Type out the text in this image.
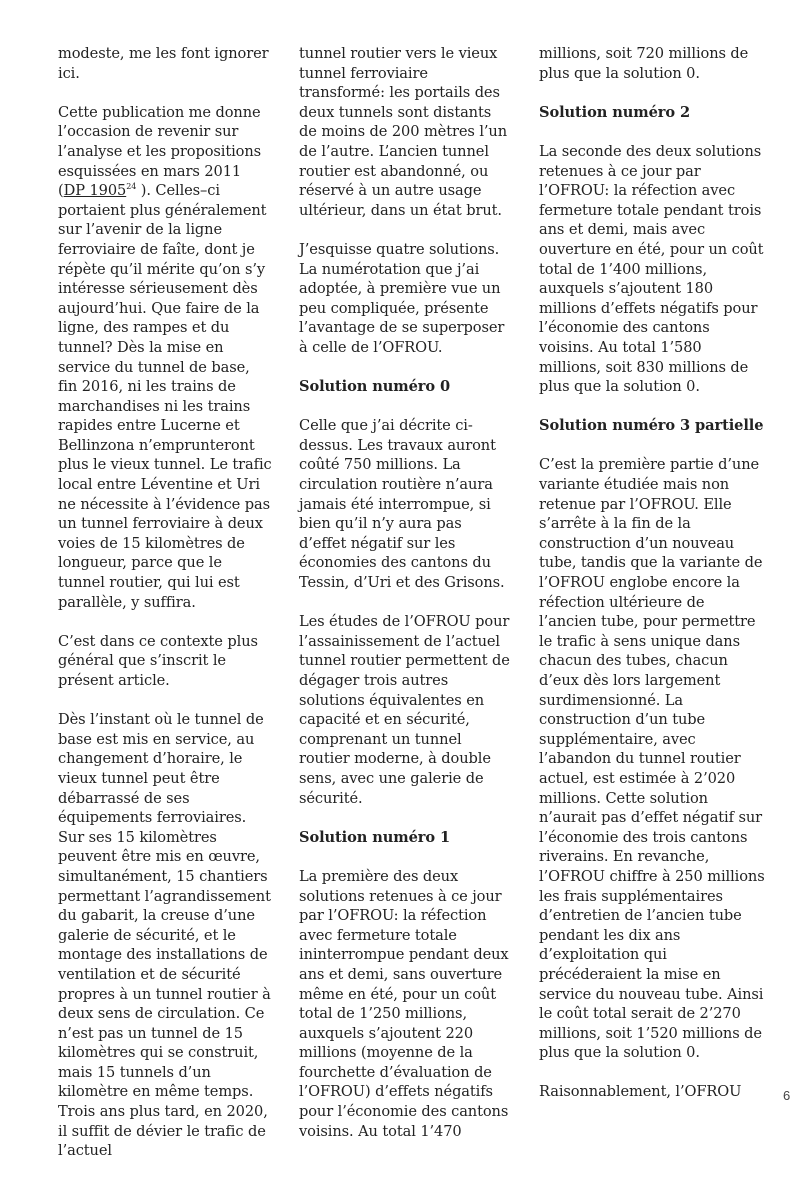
modeste, me les font ignorer ici.

Cette publication me donne l’occasion de revenir sur l’analyse et les propositions esquissées en mars 2011 (DP 1905$^{24}$ ). Celles–ci portaient plus généralement sur l’avenir de la ligne ferroviaire de faîte, dont je répète qu’il mérite qu’on s’y intéresse sérieusement dès aujourd’hui. Que faire de la ligne, des rampes et du tunnel? Dès la mise en service du tunnel de base, fin 2016, ni les trains de marchandises ni les trains rapides entre Lucerne et Bellinzona n’emprunteront plus le vieux tunnel. Le trafic local entre Léventine et Uri ne nécessite à l’évidence pas un tunnel ferroviaire à deux voies de 15 kilomètres de longueur, parce que le tunnel routier, qui lui est parallèle, y suffira.

C’est dans ce contexte plus général que s’inscrit le présent article.

Dès l’instant où le tunnel de base est mis en service, au changement d’horaire, le vieux tunnel peut être débarrassé de ses équipements ferroviaires. Sur ses 15 kilomètres peuvent être mis en œuvre, simultanément, 15 chantiers permettant l’agrandissement du gabarit, la creuse d’une galerie de sécurité, et le montage des installations de ventilation et de sécurité propres à un tunnel routier à deux sens de circulation. Ce n’est pas un tunnel de 15 kilomètres qui se construit, mais 15 tunnels d’un kilomètre en même temps. Trois ans plus tard, en 2020, il suffit de dévier le trafic de l’actuel

tunnel routier vers le vieux tunnel ferroviaire transformé: les portails des deux tunnels sont distants de moins de 200 mètres l’un de l’autre. L’ancien tunnel routier est abandonné, ou réservé à un autre usage ultérieur, dans un état brut.

J’esquisse quatre solutions. La numérotation que j’ai adoptée, à première vue un peu compliquée, présente l’avantage de se superposer à celle de l’OFROU.

Solution numéro 0

Celle que j’ai décrite ci-dessus. Les travaux auront coûté 750 millions. La circulation routière n’aura jamais été interrompue, si bien qu’il n’y aura pas d’effet négatif sur les économies des cantons du Tessin, d’Uri et des Grisons.

Les études de l’OFROU pour l’assainissement de l’actuel tunnel routier permettent de dégager trois autres solutions équivalentes en capacité et en sécurité, comprenant un tunnel routier moderne, à double sens, avec une galerie de sécurité.

Solution numéro 1

La première des deux solutions retenues à ce jour par l’OFROU: la réfection avec fermeture totale ininterrompue pendant deux ans et demi, sans ouverture même en été, pour un coût total de 1’250 millions, auxquels s’ajoutent 220 millions (moyenne de la fourchette d’évaluation de l’OFROU) d’effets négatifs pour l’économie des cantons voisins. Au total 1’470

millions, soit 720 millions de plus que la solution 0.

Solution numéro 2

La seconde des deux solutions retenues à ce jour par l’OFROU: la réfection avec fermeture totale pendant trois ans et demi, mais avec ouverture en été, pour un coût total de 1’400 millions, auxquels s’ajoutent 180 millions d’effets négatifs pour l’économie des cantons voisins. Au total 1’580 millions, soit 830 millions de plus que la solution 0.

Solution numéro 3 partielle

C’est la première partie d’une variante étudiée mais non retenue par l’OFROU. Elle s’arrête à la fin de la construction d’un nouveau tube, tandis que la variante de l’OFROU englobe encore la réfection ultérieure de l’ancien tube, pour permettre le trafic à sens unique dans chacun des tubes, chacun d’eux dès lors largement surdimensionné. La construction d’un tube supplémentaire, avec l’abandon du tunnel routier actuel, est estimée à 2’020 millions. Cette solution n’aurait pas d’effet négatif sur l’économie des trois cantons riverains. En revanche, l’OFROU chiffre à 250 millions les frais supplémentaires d’entretien de l’ancien tube pendant les dix ans d’exploitation qui précéderaient la mise en service du nouveau tube. Ainsi le coût total serait de 2’270 millions, soit 1’520 millions de plus que la solution 0.

Raisonnablement, l’OFROU	6
